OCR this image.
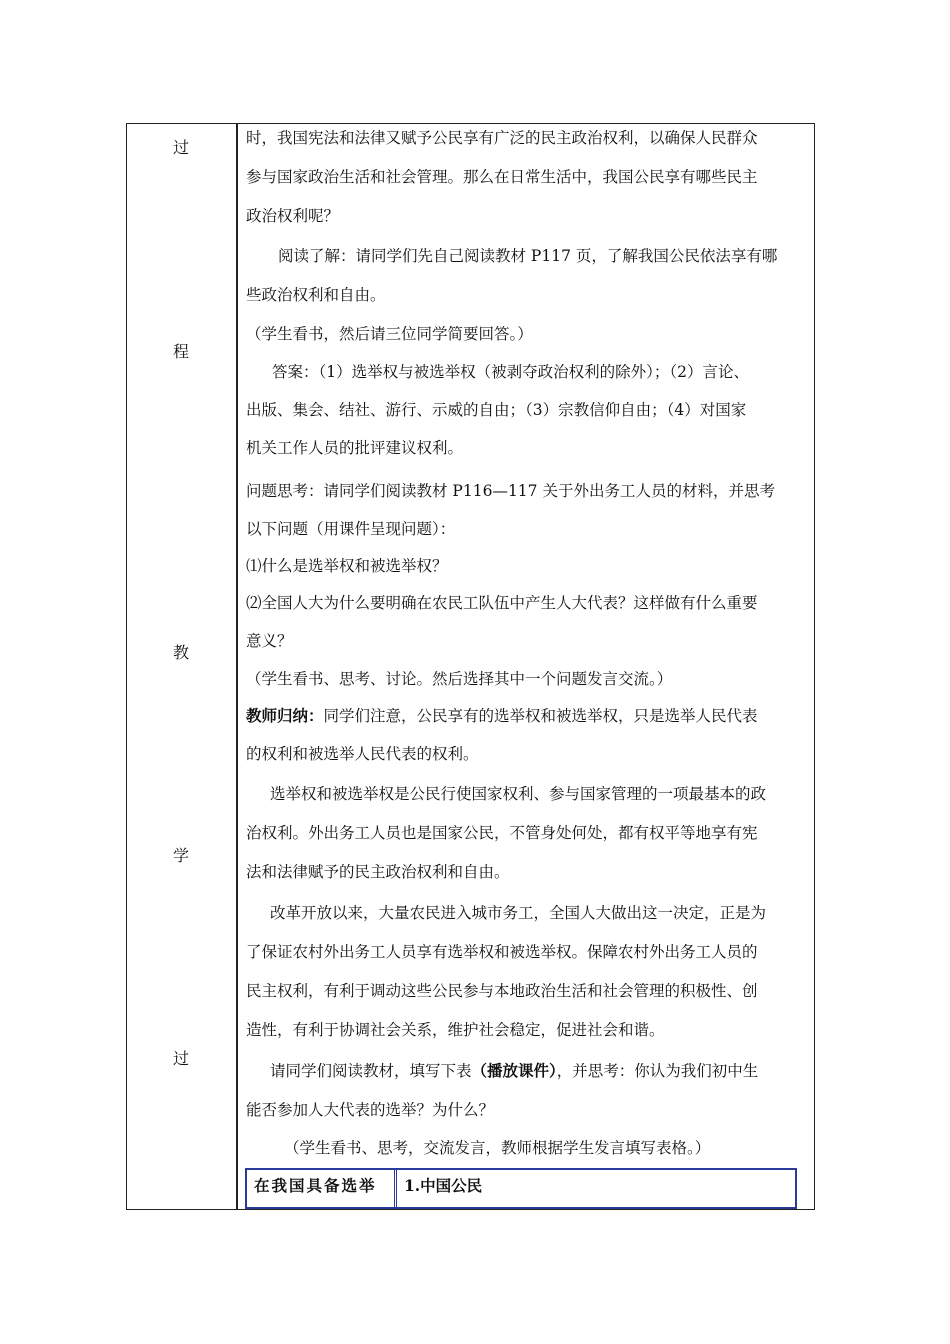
过
程
教
学
过
时，我国宪法和法律又赋予公民享有广泛的民主政治权利，以确保人民群众
参与国家政治生活和社会管理。那么在日常生活中，我国公民享有哪些民主
政治权利呢？
阅读了解：请同学们先自己阅读教材 P117 页，了解我国公民依法享有哪
些政治权利和自由。
（学生看书，然后请三位同学简要回答。）
答案：（1）选举权与被选举权（被剥夺政治权利的除外）；（2）言论、
出版、集会、结社、游行、示威的自由；（3）宗教信仰自由；（4）对国家
机关工作人员的批评建议权利。
问题思考：请同学们阅读教材 P116—117 关于外出务工人员的材料，并思考
以下问题（用课件呈现问题）：
⑴什么是选举权和被选举权？
⑵全国人大为什么要明确在农民工队伍中产生人大代表？这样做有什么重要
意义？
（学生看书、思考、讨论。然后选择其中一个问题发言交流。）
教师归纳：同学们注意，公民享有的选举权和被选举权，只是选举人民代表
的权利和被选举人民代表的权利。
选举权和被选举权是公民行使国家权利、参与国家管理的一项最基本的政
治权利。外出务工人员也是国家公民，不管身处何处，都有权平等地享有宪
法和法律赋予的民主政治权利和自由。
改革开放以来，大量农民进入城市务工，全国人大做出这一决定，正是为
了保证农村外出务工人员享有选举权和被选举权。保障农村外出务工人员的
民主权利，有利于调动这些公民参与本地政治生活和社会管理的积极性、创
造性，有利于协调社会关系，维护社会稳定，促进社会和谐。
请同学们阅读教材，填写下表（播放课件），并思考：你认为我们初中生
能否参加人大代表的选举？为什么？
（学生看书、思考，交流发言，教师根据学生发言填写表格。）
在我国具备选举 1.中国公民
